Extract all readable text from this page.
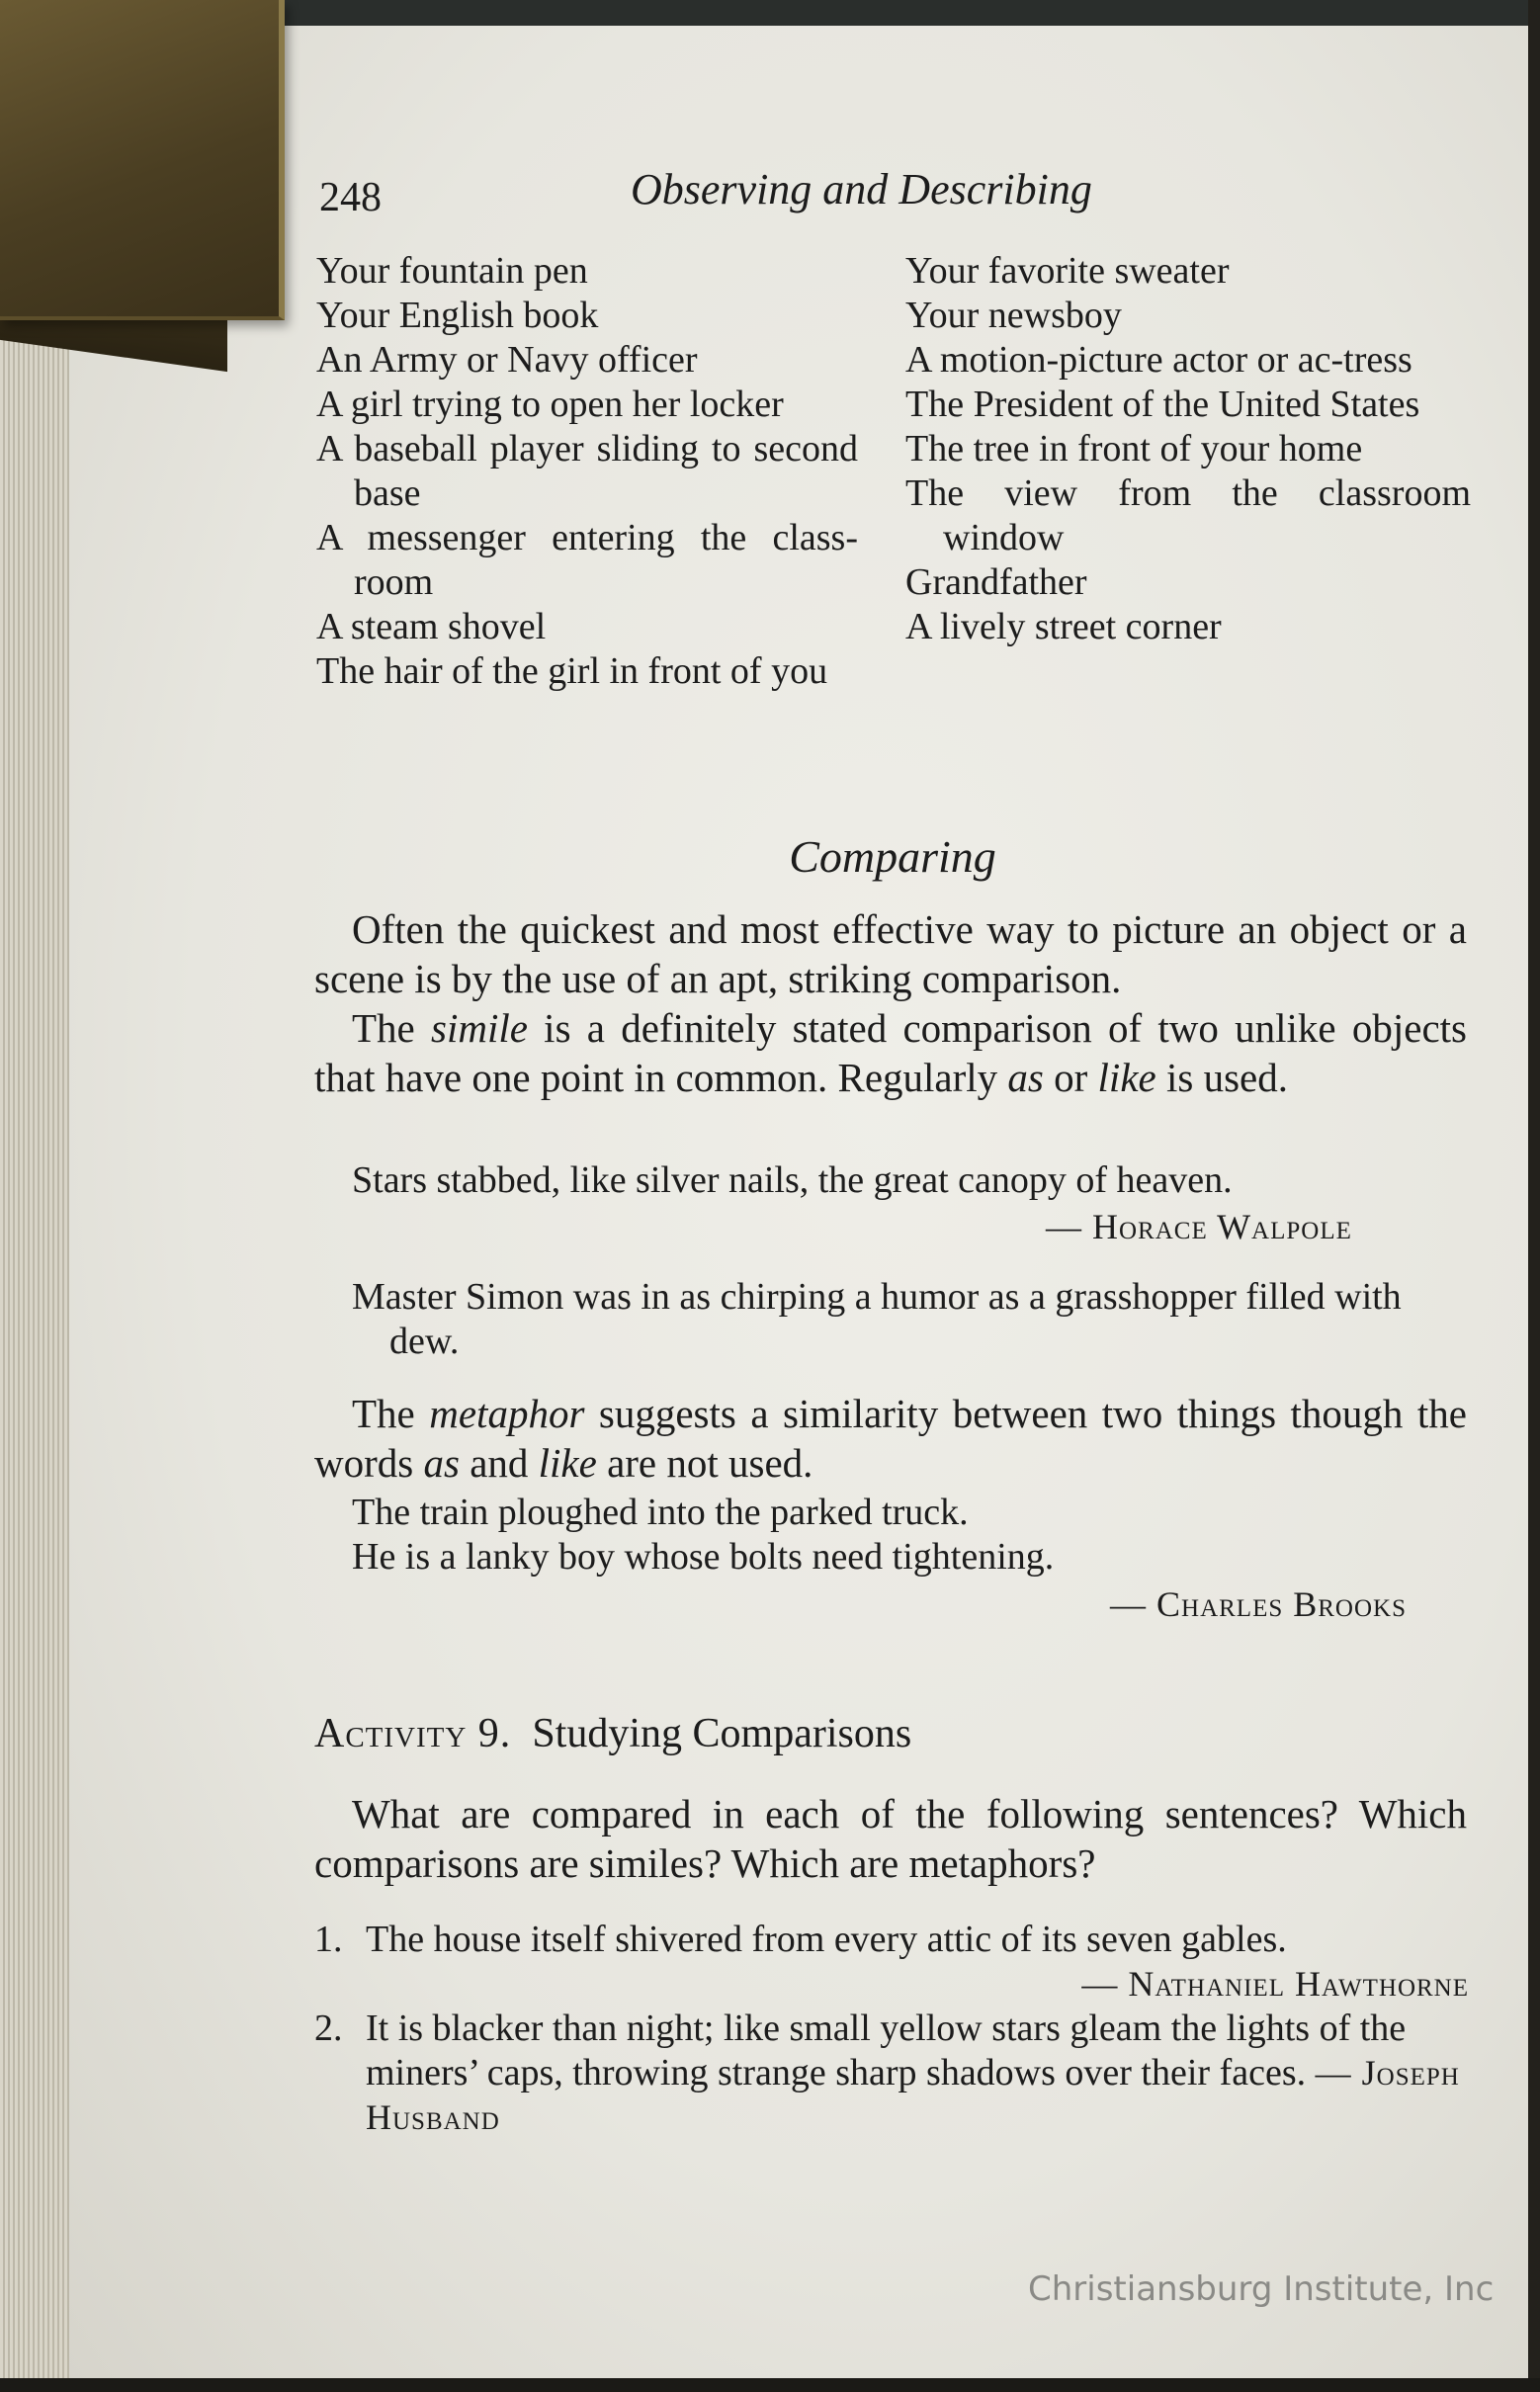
248	Observing and Describing
Your fountain pen
Your English book
An Army or Navy officer
A girl trying to open her locker
A baseball player sliding to second base
A messenger entering the class-room
A steam shovel
The hair of the girl in front of you
Your favorite sweater
Your newsboy
A motion-picture actor or ac-tress
The President of the United States
The tree in front of your home
The view from the classroom window
Grandfather
A lively street corner
Comparing
Often the quickest and most effective way to picture an object or a scene is by the use of an apt, striking comparison.
The simile is a definitely stated comparison of two unlike objects that have one point in common. Regularly as or like is used.
Stars stabbed, like silver nails, the great canopy of heaven.
— Horace Walpole
Master Simon was in as chirping a humor as a grasshopper filled with dew.
The metaphor suggests a similarity between two things though the words as and like are not used.
The train ploughed into the parked truck.
He is a lanky boy whose bolts need tightening.
— Charles Brooks
Activity 9. Studying Comparisons
What are compared in each of the following sentences? Which comparisons are similes? Which are metaphors?
1. The house itself shivered from every attic of its seven gables.
— Nathaniel Hawthorne
2. It is blacker than night; like small yellow stars gleam the lights of the miners’ caps, throwing strange sharp shadows over their faces. — Joseph Husband
Christiansburg Institute, Inc
